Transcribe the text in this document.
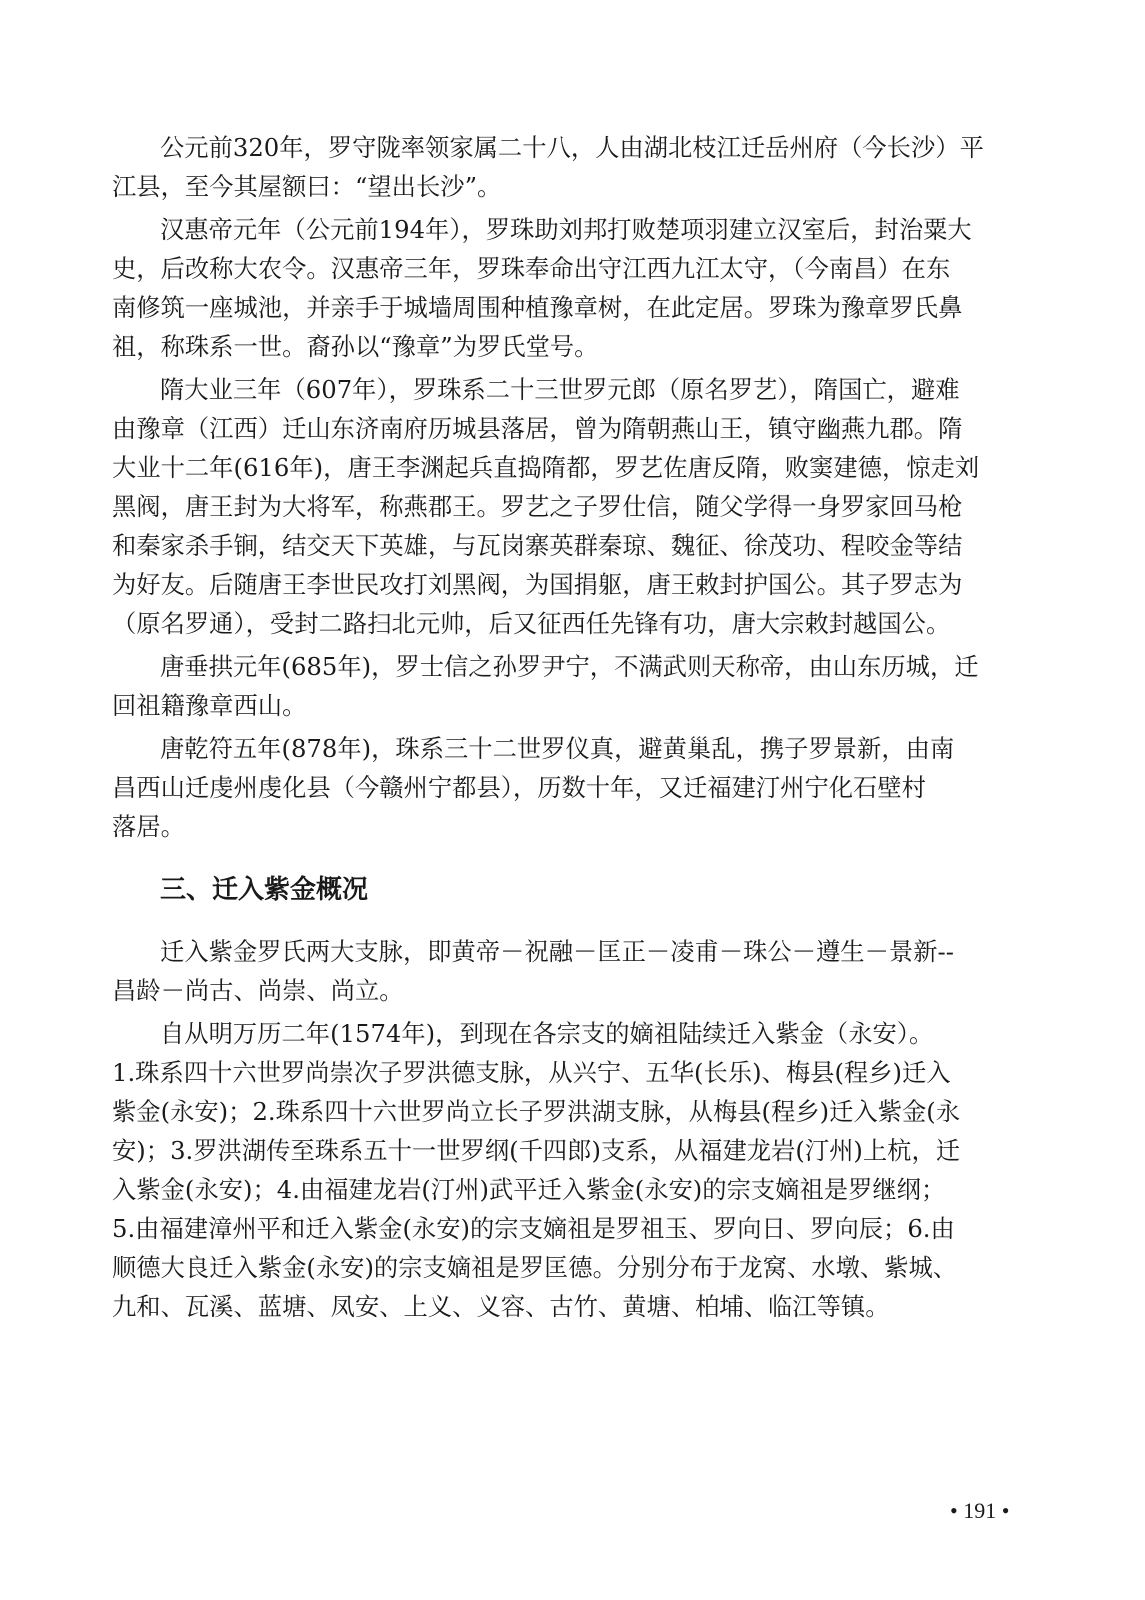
公元前320年，罗守陇率领家属二十八，人由湖北枝江迁岳州府（今长沙）平
江县，至今其屋额曰：“望出长沙”。
汉惠帝元年（公元前194年），罗珠助刘邦打败楚项羽建立汉室后，封治粟大
史，后改称大农令。汉惠帝三年，罗珠奉命出守江西九江太守，（今南昌）在东
南修筑一座城池，并亲手于城墙周围种植豫章树，在此定居。罗珠为豫章罗氏鼻
祖，称珠系一世。裔孙以“豫章”为罗氏堂号。
隋大业三年（607年），罗珠系二十三世罗元郎（原名罗艺），隋国亡，避难
由豫章（江西）迁山东济南府历城县落居，曾为隋朝燕山王，镇守幽燕九郡。隋
大业十二年(616年)，唐王李渊起兵直捣隋都，罗艺佐唐反隋，败窦建德，惊走刘
黑阀，唐王封为大将军，称燕郡王。罗艺之子罗仕信，随父学得一身罗家回马枪
和秦家杀手锏，结交天下英雄，与瓦岗寨英群秦琼、魏征、徐茂功、程咬金等结
为好友。后随唐王李世民攻打刘黑阀，为国捐躯，唐王敕封护国公。其子罗志为
（原名罗通），受封二路扫北元帅，后又征西任先锋有功，唐大宗敕封越国公。
唐垂拱元年(685年)，罗士信之孙罗尹宁，不满武则天称帝，由山东历城，迁
回祖籍豫章西山。
唐乾符五年(878年)，珠系三十二世罗仪真，避黄巢乱，携子罗景新，由南
昌西山迁虔州虔化县（今赣州宁都县），历数十年，又迁福建汀州宁化石壁村
落居。
三、迁入紫金概况
迁入紫金罗氏两大支脉，即黄帝－祝融－匡正－凌甫－珠公－遵生－景新--
昌龄－尚古、尚崇、尚立。
自从明万历二年(1574年)，到现在各宗支的嫡祖陆续迁入紫金（永安）。
1.珠系四十六世罗尚崇次子罗洪德支脉，从兴宁、五华(长乐)、梅县(程乡)迁入
紫金(永安)；2.珠系四十六世罗尚立长子罗洪湖支脉，从梅县(程乡)迁入紫金(永
安)；3.罗洪湖传至珠系五十一世罗纲(千四郎)支系，从福建龙岩(汀州)上杭，迁
入紫金(永安)；4.由福建龙岩(汀州)武平迁入紫金(永安)的宗支嫡祖是罗继纲；
5.由福建漳州平和迁入紫金(永安)的宗支嫡祖是罗祖玉、罗向日、罗向辰；6.由
顺德大良迁入紫金(永安)的宗支嫡祖是罗匡德。分别分布于龙窝、水墩、紫城、
九和、瓦溪、蓝塘、凤安、上义、义容、古竹、黄塘、柏埔、临江等镇。
• 191 •
